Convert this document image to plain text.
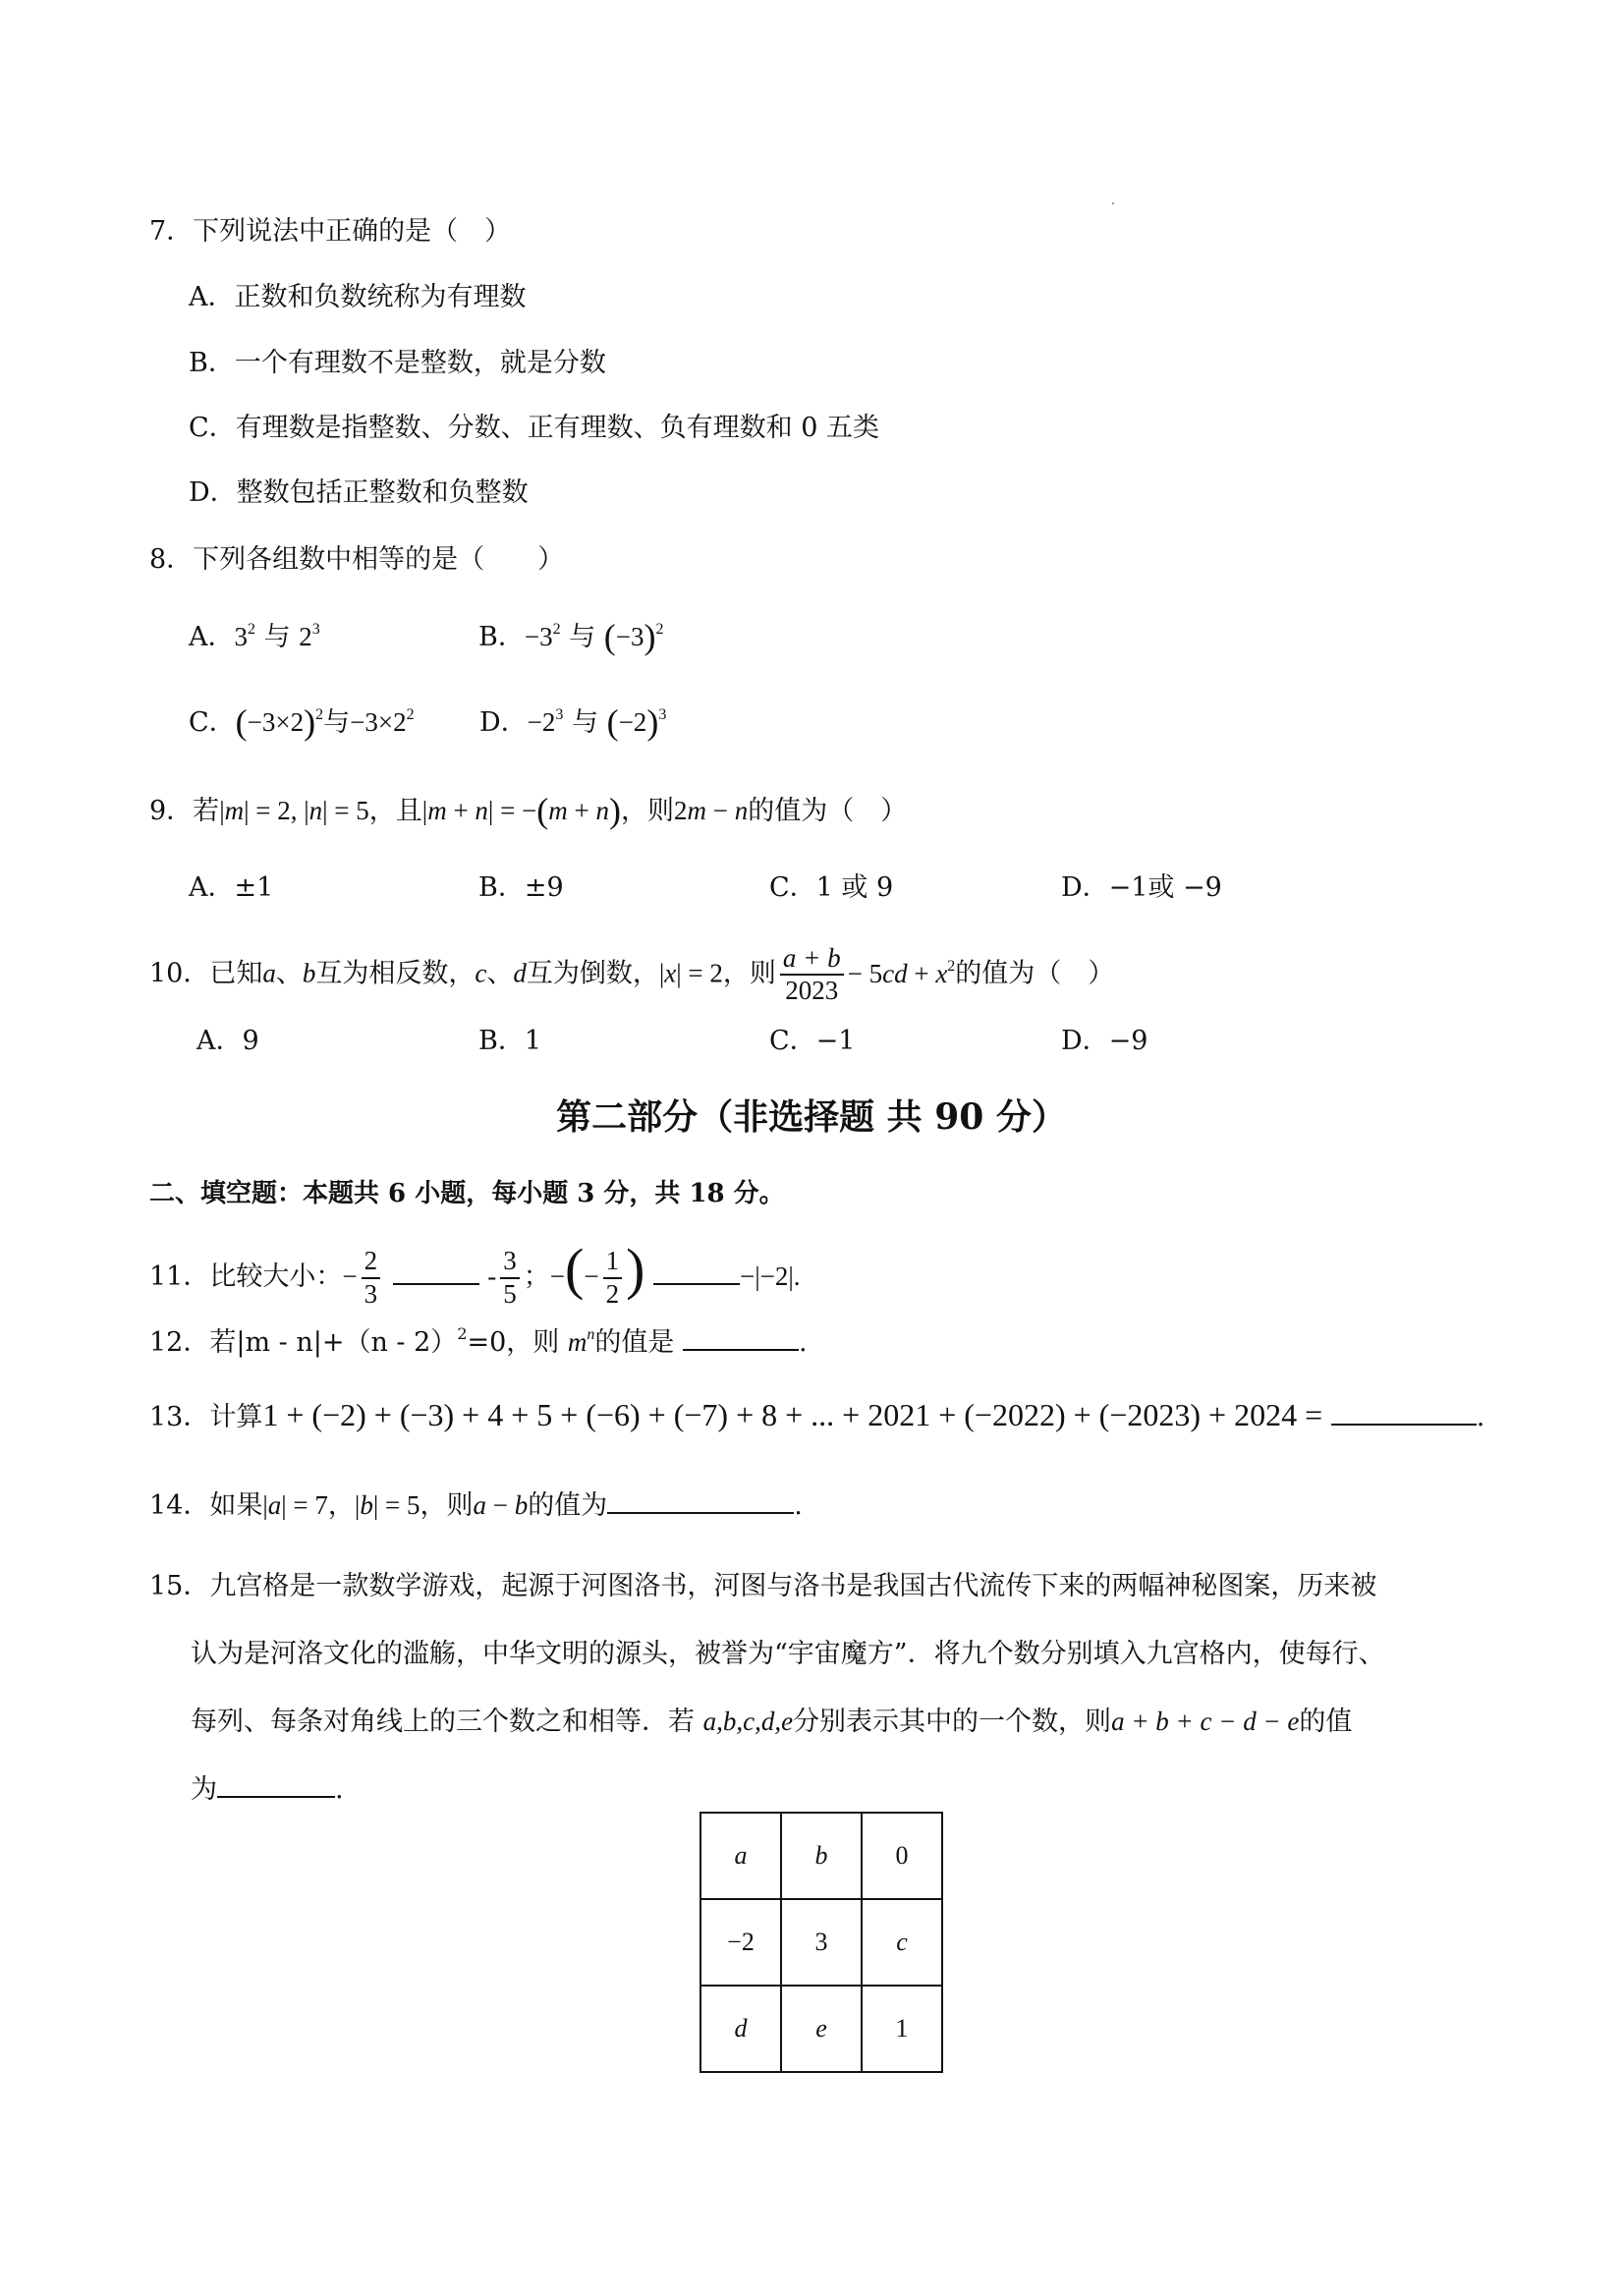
7．下列说法中正确的是（　）
A．正数和负数统称为有理数
B．一个有理数不是整数，就是分数
C．有理数是指整数、分数、正有理数、负有理数和 0 五类
D．整数包括正整数和负整数
8．下列各组数中相等的是（　　）
A．$3^2$ 与 $2^3$	B．$-3^2$ 与 $(-3)^2$
C．$(-3\times 2)^2$与$-3\times 2^2$ D．$-2^3$ 与 $(-2)^3$
9．若|m| = 2, |n| = 5，且|m + n| = −(m + n)，则2m − n的值为（　）
A．±1	B．±9	C．1 或 9	D．−1或 −9
10．已知a、b互为相反数，c、d互为倒数，|x| = 2，则 $\frac{a + b}{2023} - 5cd + x^2$的值为（　）
A．9	B．1	C．−1	D．−9
第二部分（非选择题 共 90 分）
二、填空题：本题共 6 小题，每小题 3 分，共 18 分。
11．比较大小：− $\frac{2}{3}$	- $\frac{3}{5}$ ；−(− $\frac{1}{2}$ )	−|−2|.
12．若|m - n|+（n - 2）$^2$=0，则 $m^n$的值是	.
13．计算1 + (−2) + (−3) + 4 + 5 + (−6) + (−7) + 8 + ... + 2021 + (−2022) + (−2023) + 2024 =	.
14．如果|a| = 7，|b| = 5，则a − b的值为	.
15．九宫格是一款数学游戏，起源于河图洛书，河图与洛书是我国古代流传下来的两幅神秘图案，历来被
认为是河洛文化的滥觞，中华文明的源头，被誉为“宇宙魔方”．将九个数分别填入九宫格内，使每行、
每列、每条对角线上的三个数之和相等．若 a,b,c,d,e分别表示其中的一个数，则a + b + c − d − e的值
为	.
a	b	0
−2	3	c
d	e	1
